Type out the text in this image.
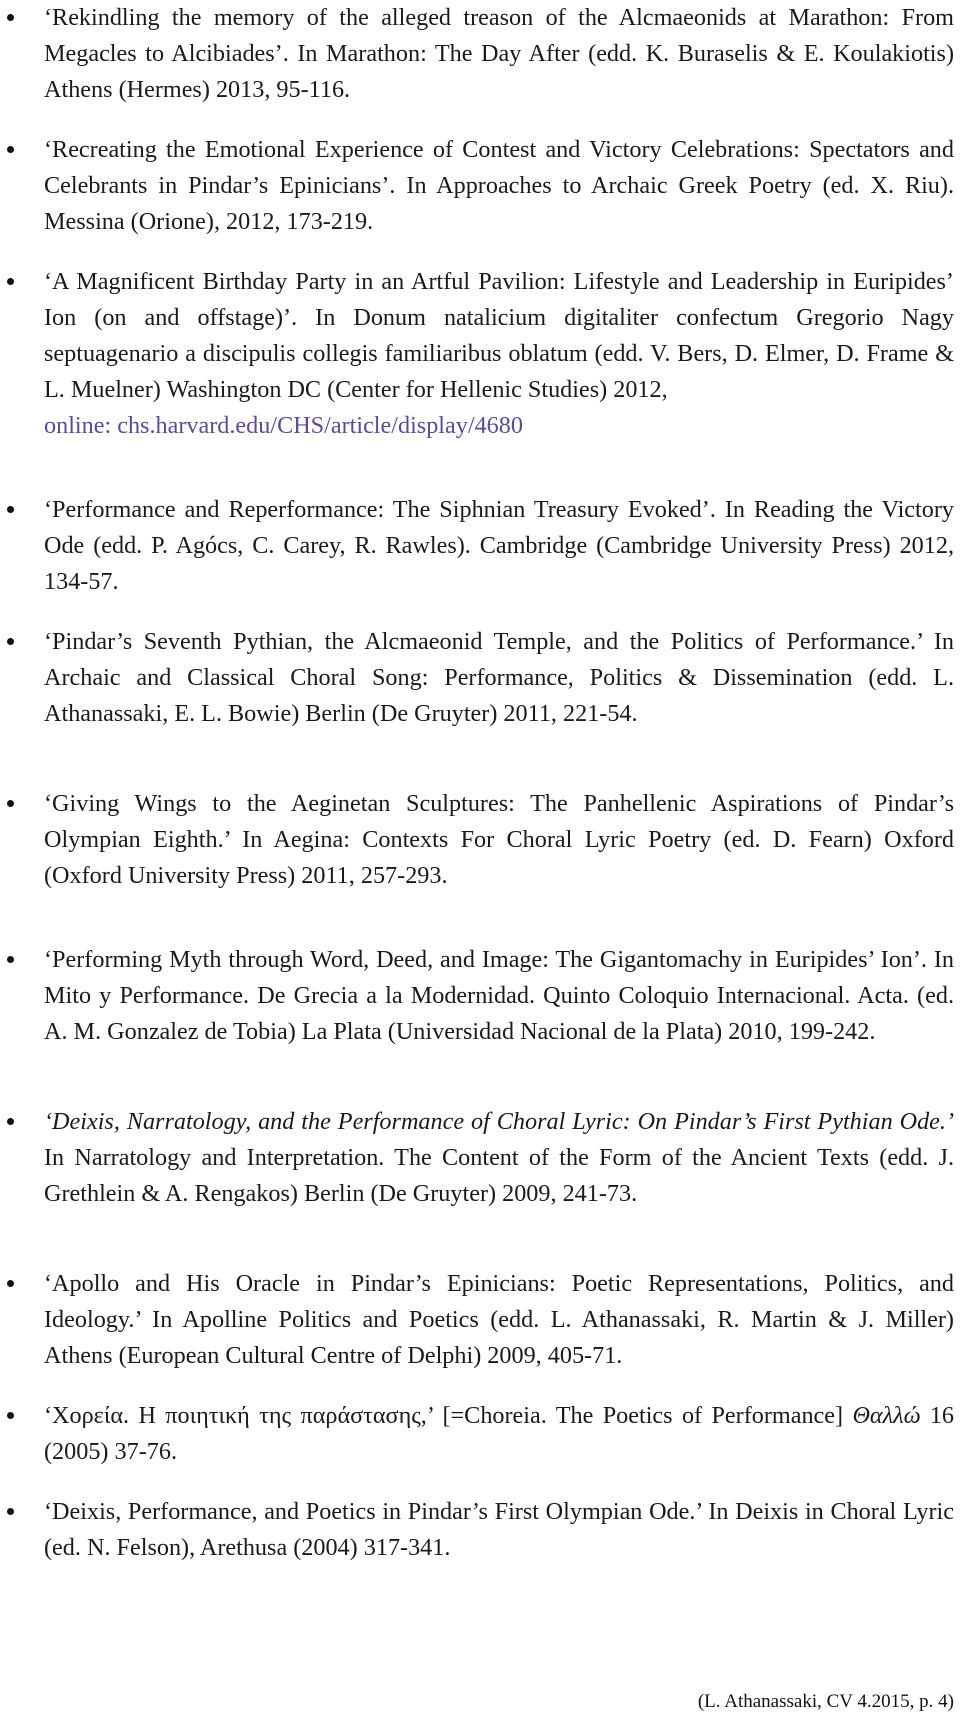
‘Rekindling the memory of the alleged treason of the Alcmaeonids at Marathon: From Megacles to Alcibiades’. In Marathon: The Day After (edd. K. Buraselis & E. Koulakiotis) Athens (Hermes) 2013, 95-116.

‘Recreating the Emotional Experience of Contest and Victory Celebrations: Spectators and Celebrants in Pindar’s Epinicians’. In Approaches to Archaic Greek Poetry (ed. X. Riu). Messina (Orione), 2012, 173-219.

‘A Magnificent Birthday Party in an Artful Pavilion: Lifestyle and Leadership in Euripides’ Ion (on and offstage)’. In Donum natalicium digitaliter confectum Gregorio Nagy septuagenario a discipulis collegis familiaribus oblatum (edd. V. Bers, D. Elmer, D. Frame & L. Muelner) Washington DC (Center for Hellenic Studies) 2012,
online: chs.harvard.edu/CHS/article/display/4680

‘Performance and Reperformance: The Siphnian Treasury Evoked’. In Reading the Victory Ode (edd. P. Agócs, C. Carey, R. Rawles). Cambridge (Cambridge University Press) 2012, 134-57.

‘Pindar’s Seventh Pythian, the Alcmaeonid Temple, and the Politics of Performance.’ In Archaic and Classical Choral Song: Performance, Politics & Dissemination (edd. L. Athanassaki, E. L. Bowie) Berlin (De Gruyter) 2011, 221-54.

‘Giving Wings to the Aeginetan Sculptures: The Panhellenic Aspirations of Pindar’s Olympian Eighth.’ In Aegina: Contexts For Choral Lyric Poetry (ed. D. Fearn) Oxford (Oxford University Press) 2011, 257-293.

‘Performing Myth through Word, Deed, and Image: The Gigantomachy in Euripides’ Ion’. In Mito y Performance. De Grecia a la Modernidad. Quinto Coloquio Internacional. Acta. (ed. A. M. Gonzalez de Tobia) La Plata (Universidad Nacional de la Plata) 2010, 199-242.

‘Deixis, Narratology, and the Performance of Choral Lyric: On Pindar’s First Pythian Ode.’ In Narratology and Interpretation. The Content of the Form of the Ancient Texts (edd. J. Grethlein & A. Rengakos) Berlin (De Gruyter) 2009, 241-73.

‘Apollo and His Oracle in Pindar’s Epinicians: Poetic Representations, Politics, and Ideology.’ In Apolline Politics and Poetics (edd. L. Athanassaki, R. Martin & J. Miller) Athens (European Cultural Centre of Delphi) 2009, 405-71.

‘Χορεία. Η ποιητική της παράστασης,’ [=Choreia. The Poetics of Performance] Θαλλώ 16 (2005) 37-76.

‘Deixis, Performance, and Poetics in Pindar’s First Olympian Ode.’ In Deixis in Choral Lyric (ed. N. Felson), Arethusa (2004) 317-341.

(L. Athanassaki, CV 4.2015, p. 4)
